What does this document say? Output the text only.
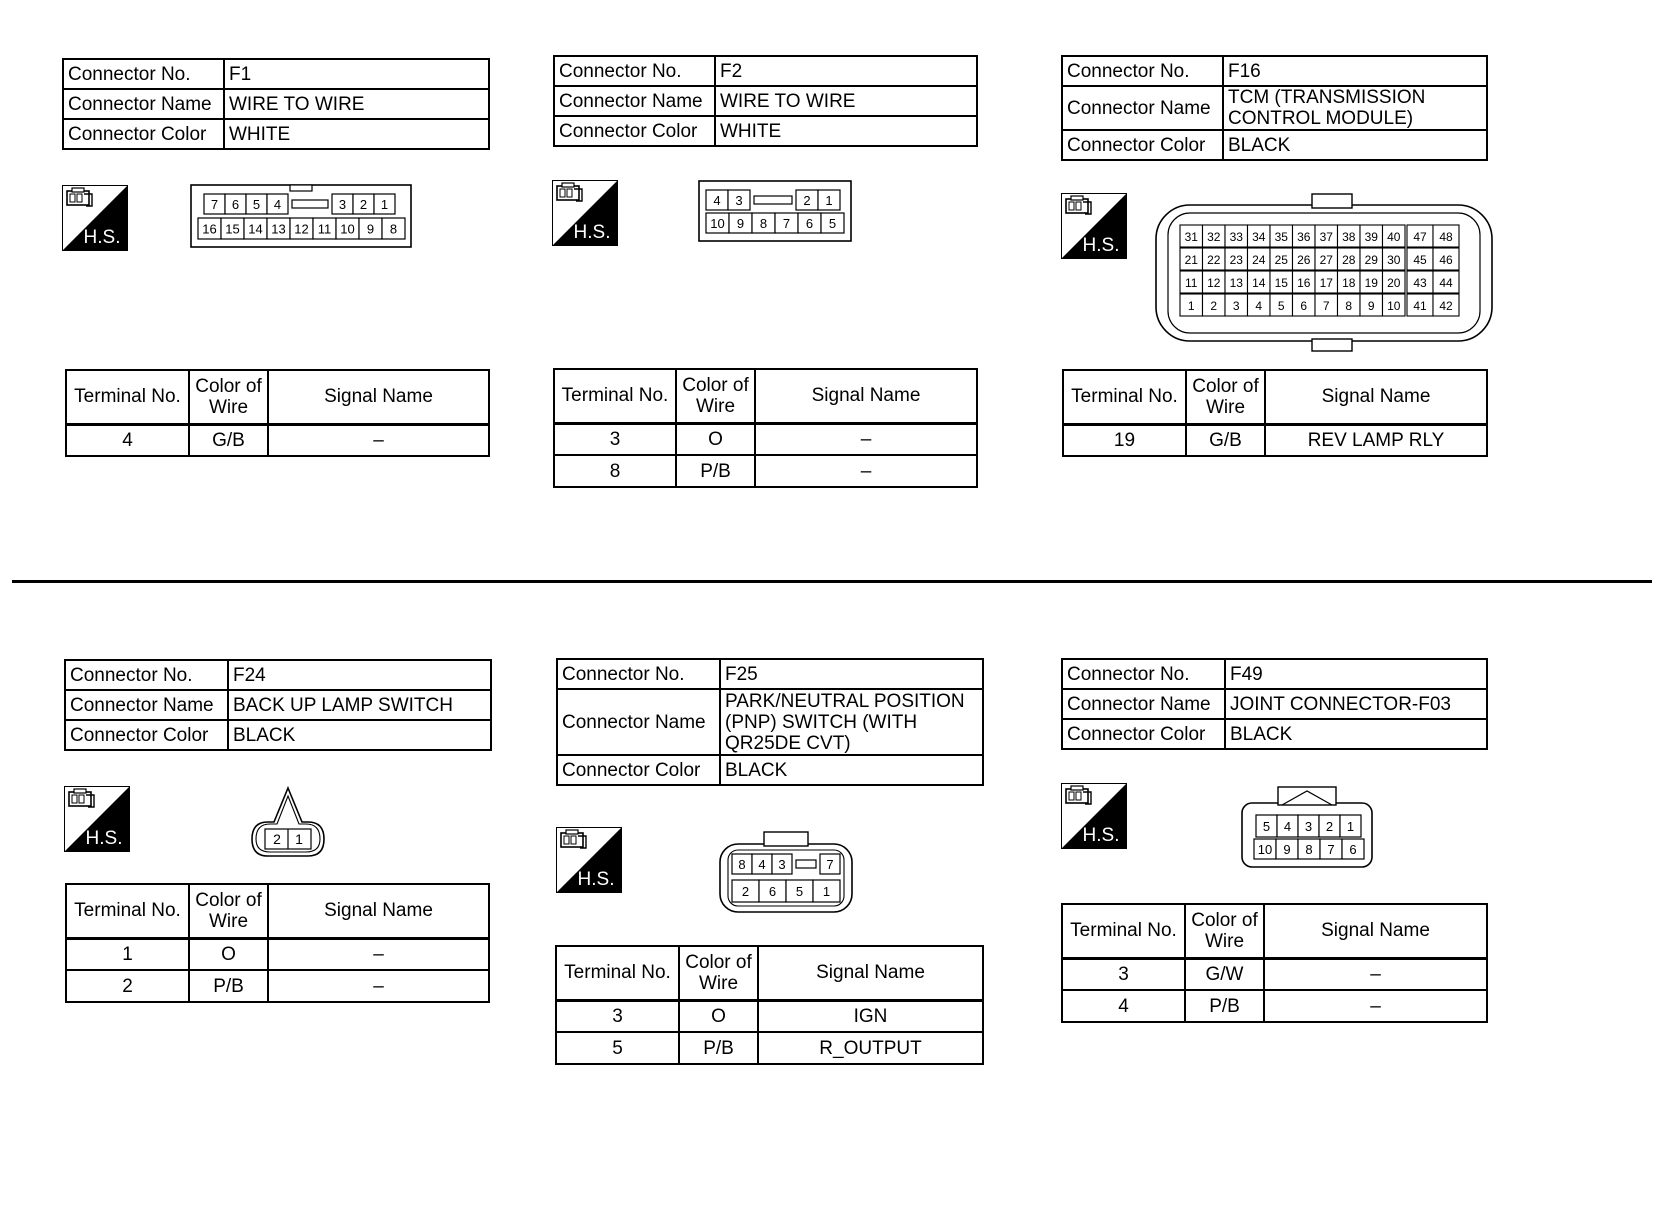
Connector No.	F1
Connector Name	WIRE TO WIRE
Connector Color	WHITE
H.S.
7 6 5 4	3 2 1
16 15 14 13 12 11 10 9 8
Terminal No.	Color of Wire	Signal Name
4	G/B	–
Connector No.	F2
Connector Name	WIRE TO WIRE
Connector Color	WHITE
H.S.
4 3	2 1
10 9 8 7 6 5
Terminal No.	Color of Wire	Signal Name
3	O	–
8	P/B	–
Connector No.	F16
Connector Name	TCM (TRANSMISSION CONTROL MODULE)
Connector Color	BLACK
H.S.	31 32 33 34 35 36 37 38 39 40 47 48
21 22 23 24 25 26 27 28 29 30 45 46
11 12 13 14 15 16 17 18 19 20 43 44
1 2 3 4 5 6 7 8 9 10 41 42
Terminal No.	Color of Wire	Signal Name
19	G/B	REV LAMP RLY
Connector No.	F24
Connector Name	BACK UP LAMP SWITCH
Connector Color	BLACK
H.S.	2 1
Terminal No.	Color of Wire	Signal Name
1	O	–
2	P/B	–
Connector No.	F25
Connector Name	PARK/NEUTRAL POSITION (PNP) SWITCH (WITH QR25DE CVT)
Connector Color	BLACK
H.S.
8 4 3	7
2 6 5 1
Terminal No.	Color of Wire	Signal Name
3	O	IGN
5	P/B	R_OUTPUT
Connector No.	F49
Connector Name	JOINT CONNECTOR-F03
Connector Color	BLACK
H.S.	5 4 3 2 1
10 9 8 7 6
Terminal No.	Color of Wire	Signal Name
3	G/W	–
4	P/B	–
